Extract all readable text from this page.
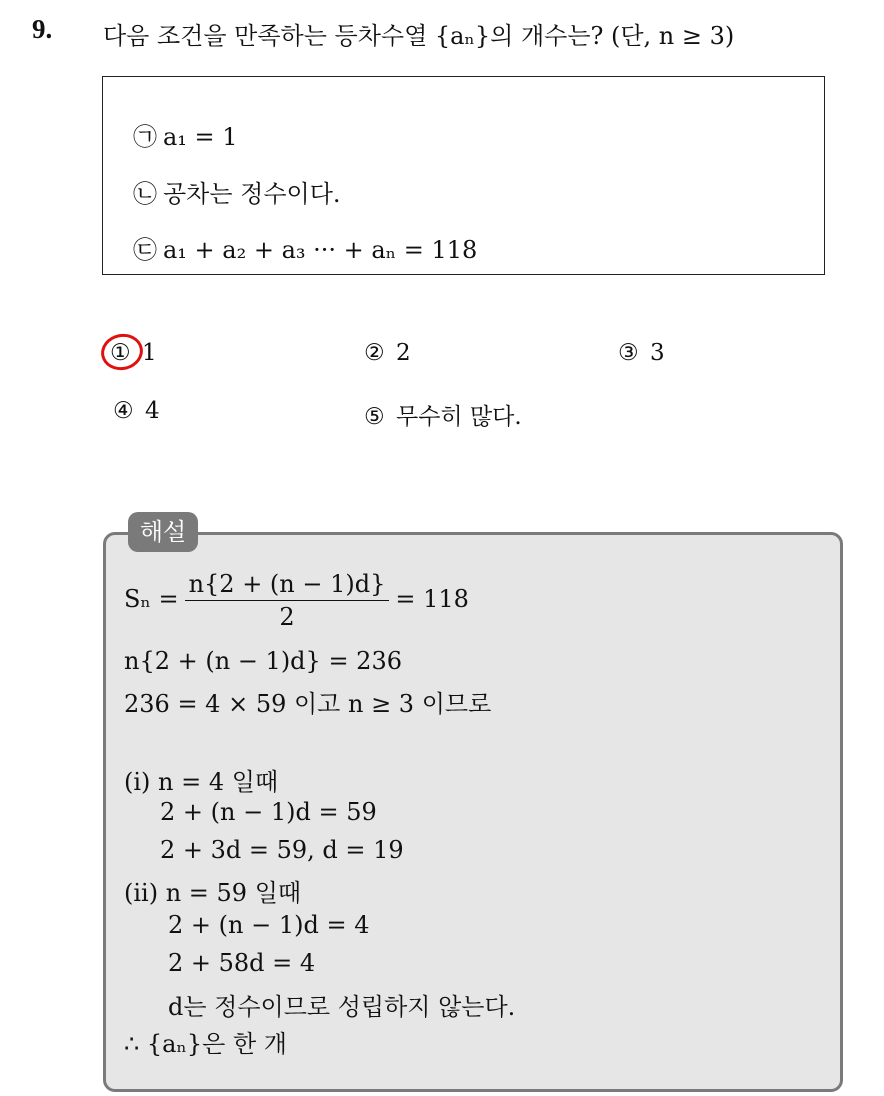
9. 다음 조건을 만족하는 등차수열 {aₙ}의 개수는? (단, n ≥ 3)
㉠ a₁ = 1
㉡ 공차는 정수이다.
㉢ a₁ + a₂ + a₃ ··· + aₙ = 118
① 1	② 2	③ 3
④ 4	⑤ 무수히 많다.
해설
$S_n = \frac{n\{2 + (n - 1)d\}}{2} = 118$
n{2 + (n − 1)d} = 236
236 = 4 × 59 이고 n ≥ 3 이므로
(i) n = 4 일때
2 + (n − 1)d = 59
2 + 3d = 59, d = 19
(ii) n = 59 일때
2 + (n − 1)d = 4
2 + 58d = 4
d는 정수이므로 성립하지 않는다.
∴ {aₙ}은 한 개
